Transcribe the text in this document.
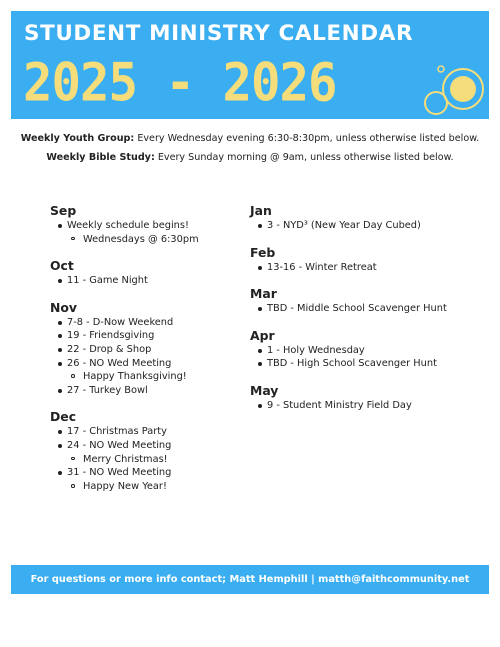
STUDENT MINISTRY CALENDAR
2025 - 2026
Weekly Youth Group: Every Wednesday evening 6:30-8:30pm, unless otherwise listed below.
Weekly Bible Study: Every Sunday morning @ 9am, unless otherwise listed below.
Sep
Weekly schedule begins!
Wednesdays @ 6:30pm
Oct
11 - Game Night
Nov
7-8 - D-Now Weekend
19 - Friendsgiving
22 - Drop & Shop
26 - NO Wed Meeting
Happy Thanksgiving!
27 - Turkey Bowl
Dec
17 - Christmas Party
24 - NO Wed Meeting
Merry Christmas!
31 - NO Wed Meeting
Happy New Year!
Jan
3 - NYD³ (New Year Day Cubed)
Feb
13-16 - Winter Retreat
Mar
TBD - Middle School Scavenger Hunt
Apr
1 - Holy Wednesday
TBD - High School Scavenger Hunt
May
9 - Student Ministry Field Day
For questions or more info contact; Matt Hemphill | matth@faithcommunity.net
